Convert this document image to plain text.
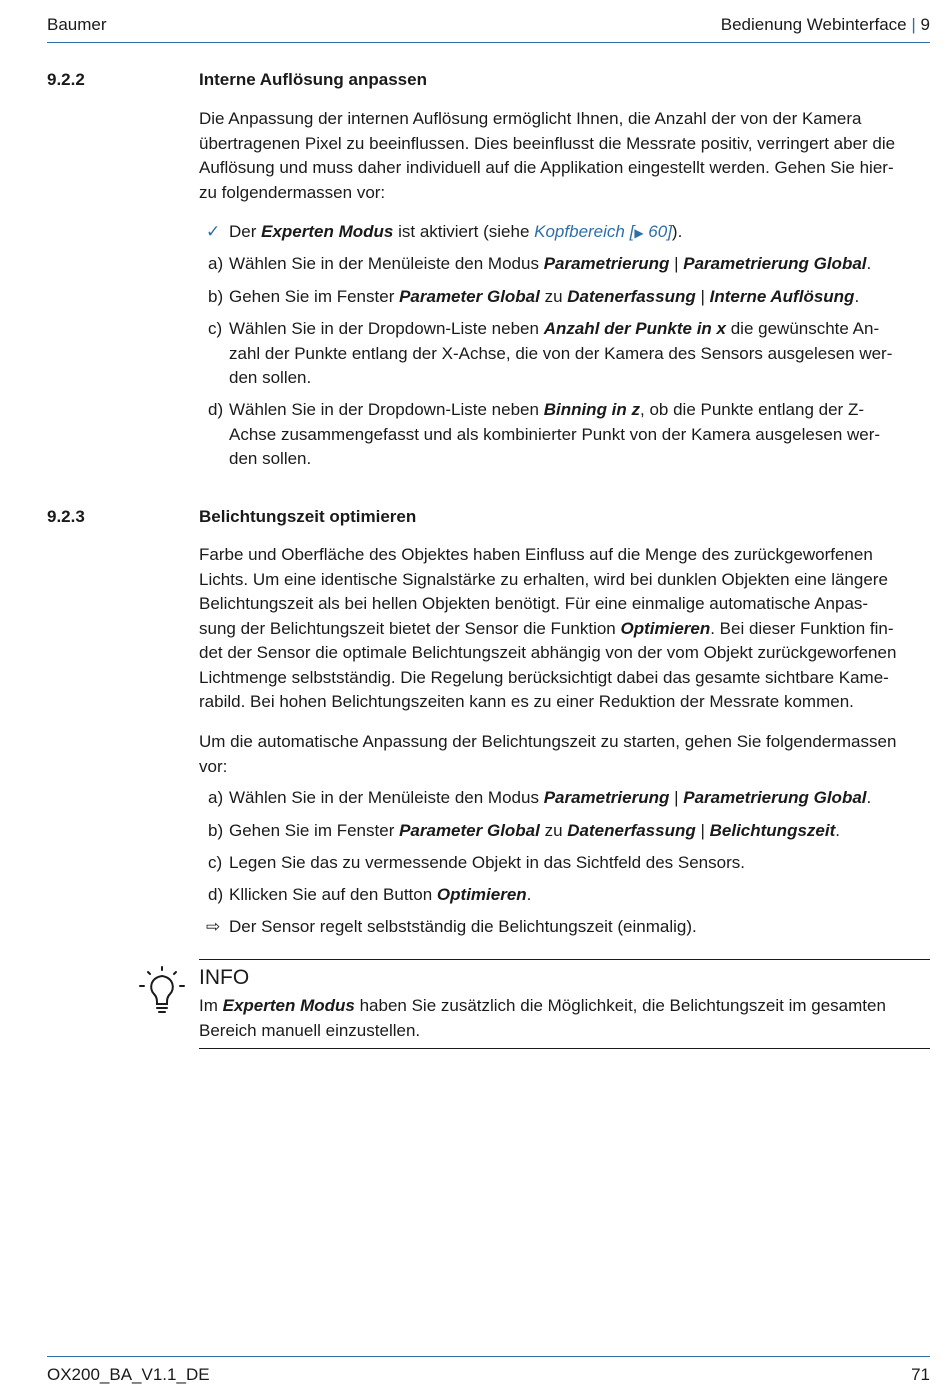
Baumer	Bedienung Webinterface | 9
9.2.2	Interne Auflösung anpassen
Die Anpassung der internen Auflösung ermöglicht Ihnen, die Anzahl der von der Kamera
übertragenen Pixel zu beeinflussen. Dies beeinflusst die Messrate positiv, verringert aber die
Auflösung und muss daher individuell auf die Applikation eingestellt werden. Gehen Sie hier-
zu folgendermassen vor:
✓ Der Experten Modus ist aktiviert (siehe Kopfbereich [▶ 60]).
a) Wählen Sie in der Menüleiste den Modus Parametrierung | Parametrierung Global.
b) Gehen Sie im Fenster Parameter Global zu Datenerfassung | Interne Auflösung.
c) Wählen Sie in der Dropdown-Liste neben Anzahl der Punkte in x die gewünschte An-
zahl der Punkte entlang der X-Achse, die von der Kamera des Sensors ausgelesen wer-
den sollen.
d) Wählen Sie in der Dropdown-Liste neben Binning in z, ob die Punkte entlang der Z-
Achse zusammengefasst und als kombinierter Punkt von der Kamera ausgelesen wer-
den sollen.
9.2.3	Belichtungszeit optimieren
Farbe und Oberfläche des Objektes haben Einfluss auf die Menge des zurückgeworfenen
Lichts. Um eine identische Signalstärke zu erhalten, wird bei dunklen Objekten eine längere
Belichtungszeit als bei hellen Objekten benötigt. Für eine einmalige automatische Anpas-
sung der Belichtungszeit bietet der Sensor die Funktion Optimieren. Bei dieser Funktion fin-
det der Sensor die optimale Belichtungszeit abhängig von der vom Objekt zurückgeworfenen
Lichtmenge selbstständig. Die Regelung berücksichtigt dabei das gesamte sichtbare Kame-
rabild. Bei hohen Belichtungszeiten kann es zu einer Reduktion der Messrate kommen.
Um die automatische Anpassung der Belichtungszeit zu starten, gehen Sie folgendermassen
vor:
a) Wählen Sie in der Menüleiste den Modus Parametrierung | Parametrierung Global.
b) Gehen Sie im Fenster Parameter Global zu Datenerfassung | Belichtungszeit.
c) Legen Sie das zu vermessende Objekt in das Sichtfeld des Sensors.
d) Kllicken Sie auf den Button Optimieren.
⇨ Der Sensor regelt selbstständig die Belichtungszeit (einmalig).
INFO
Im Experten Modus haben Sie zusätzlich die Möglichkeit, die Belichtungszeit im gesamten
Bereich manuell einzustellen.
OX200_BA_V1.1_DE	71
